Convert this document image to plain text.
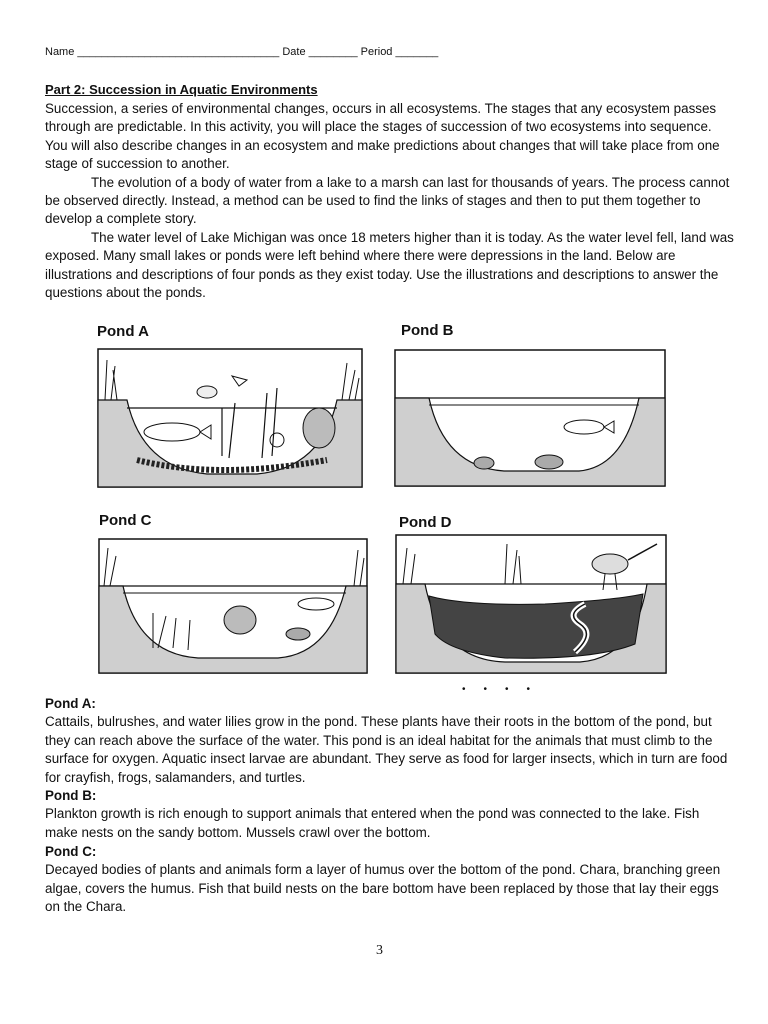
Name _________________________________ Date ________ Period _______
Part 2: Succession in Aquatic Environments

Succession, a series of environmental changes, occurs in all ecosystems. The stages that any ecosystem passes through are predictable. In this activity, you will place the stages of succession of two ecosystems into sequence. You will also describe changes in an ecosystem and make predictions about changes that will take place from one stage of succession to another.

The evolution of a body of water from a lake to a marsh can last for thousands of years. The process cannot be observed directly. Instead, a method can be used to find the links of stages and then to put them together to develop a complete story.

The water level of Lake Michigan was once 18 meters higher than it is today. As the water level fell, land was exposed. Many small lakes or ponds were left behind where there were depressions in the land. Below are illustrations and descriptions of four ponds as they exist today. Use the illustrations and descriptions to answer the questions about the ponds.

Pond A	Pond B
Pond C	Pond D
••••
Pond A:
Cattails, bulrushes, and water lilies grow in the pond. These plants have their roots in the bottom of the pond, but they can reach above the surface of the water. This pond is an ideal habitat for the animals that must climb to the surface for oxygen. Aquatic insect larvae are abundant. They serve as food for larger insects, which in turn are food for crayfish, frogs, salamanders, and turtles.
Pond B:
Plankton growth is rich enough to support animals that entered when the pond was connected to the lake. Fish make nests on the sandy bottom. Mussels crawl over the bottom.
Pond C:
Decayed bodies of plants and animals form a layer of humus over the bottom of the pond. Chara, branching green algae, covers the humus. Fish that build nests on the bare bottom have been replaced by those that lay their eggs on the Chara.
3
